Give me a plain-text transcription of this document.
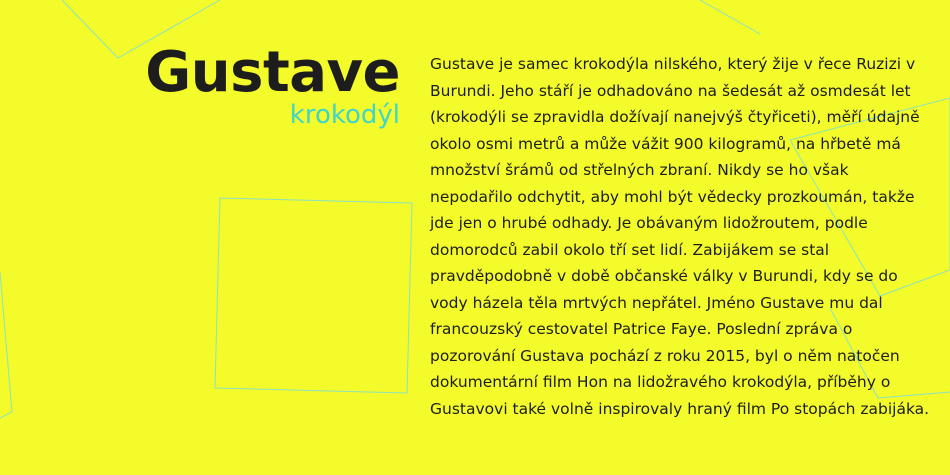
Gustave
krokodýl

Gustave je samec krokodýla nilského, který žije v řece Ruzizi v
Burundi. Jeho stáří je odhadováno na šedesát až osmdesát let
(krokodýli se zpravidla dožívají nanejvýš čtyřiceti), měří údajně
okolo osmi metrů a může vážit 900 kilogramů, na hřbetě má
množství šrámů od střelných zbraní. Nikdy se ho však
nepodařilo odchytit, aby mohl být vědecky prozkoumán, takže
jde jen o hrubé odhady. Je obávaným lidožroutem, podle
domorodců zabil okolo tří set lidí. Zabijákem se stal
pravděpodobně v době občanské války v Burundi, kdy se do
vody házela těla mrtvých nepřátel. Jméno Gustave mu dal
francouzský cestovatel Patrice Faye. Poslední zpráva o
pozorování Gustava pochází z roku 2015, byl o něm natočen
dokumentární film Hon na lidožravého krokodýla, příběhy o
Gustavovi také volně inspirovaly hraný film Po stopách zabijáka.
